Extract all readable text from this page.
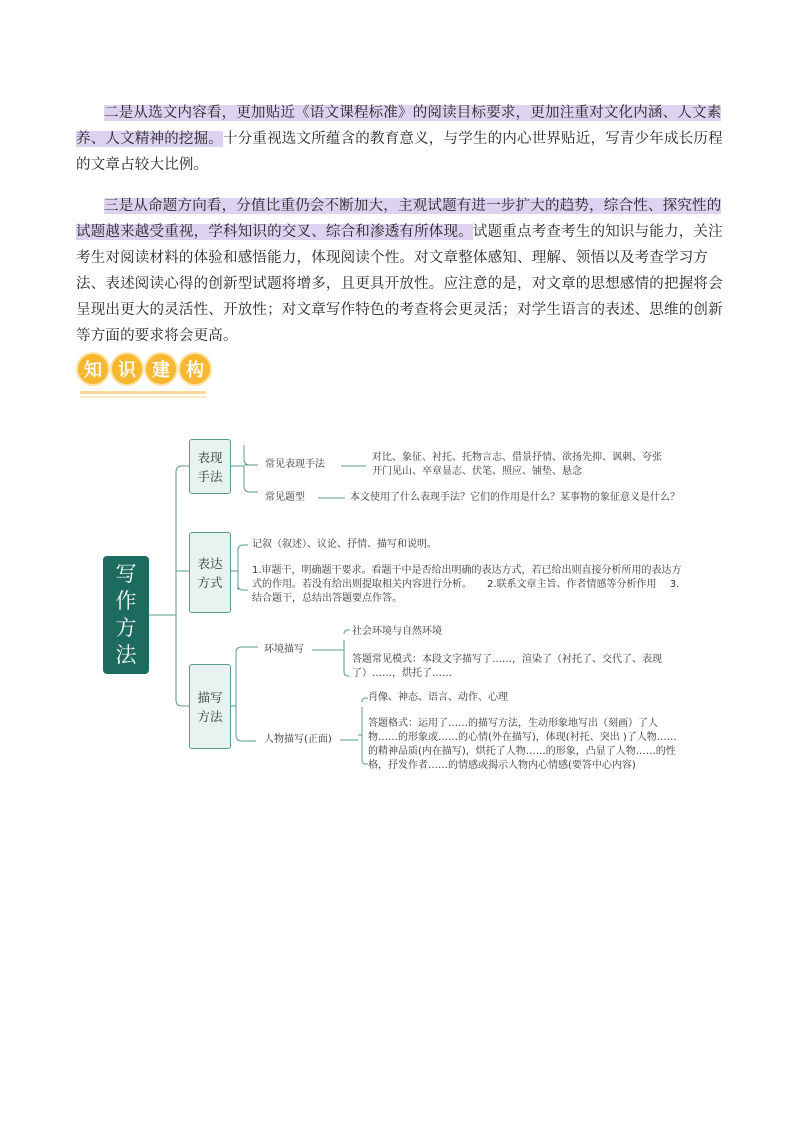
二是从选文内容看，更加贴近《语文课程标准》的阅读目标要求，更加注重对文化内涵、人文素养、人文精神的挖掘。十分重视选文所蕴含的教育意义，与学生的内心世界贴近，写青少年成长历程的文章占较大比例。

三是从命题方向看，分值比重仍会不断加大，主观试题有进一步扩大的趋势，综合性、探究性的试题越来越受重视，学科知识的交叉、综合和渗透有所体现。试题重点考查考生的知识与能力，关注考生对阅读材料的体验和感悟能力，体现阅读个性。对文章整体感知、理解、领悟以及考查学习方法、表述阅读心得的创新型试题将增多，且更具开放性。应注意的是，对文章的思想感情的把握将会呈现出更大的灵活性、开放性；对文章写作特色的考查将会更灵活；对学生语言的表述、思维的创新等方面的要求将会更高。

知 识 建 构
写
作
方
法
表现
手法
表达
方式
描写
方法
常见表现手法
对比、象征、衬托、托物言志、借景抒情、欲扬先抑、讽刺、夸张
开门见山、卒章显志、伏笔、照应、铺垫、悬念
常见题型	本文使用了什么表现手法？它们的作用是什么？某事物的象征意义是什么？
记叙（叙述）、议论、抒情、描写和说明。
1.审题干，明确题干要求。看题干中是否给出明确的表达方式，若已给出则直接分析所用的表达方式的作用。若没有给出则提取相关内容进行分析。　　2.联系文章主旨、作者情感等分析作用　 3.结合题干，总结出答题要点作答。
环境描写
社会环境与自然环境
答题常见模式：本段文字描写了……，渲染了（衬托了、交代了、表现了）……，烘托了……
人物描写(正面)
肖像、神态、语言、动作、心理
答题格式：运用了……的描写方法，生动形象地写出（刻画）了人物……的形象或……的心情(外在描写)，体现(衬托、突出 )了人物……的精神品质(内在描写)，烘托了人物……的形象，凸显了人物……的性格，抒发作者……的情感或揭示人物内心情感(要答中心内容)
